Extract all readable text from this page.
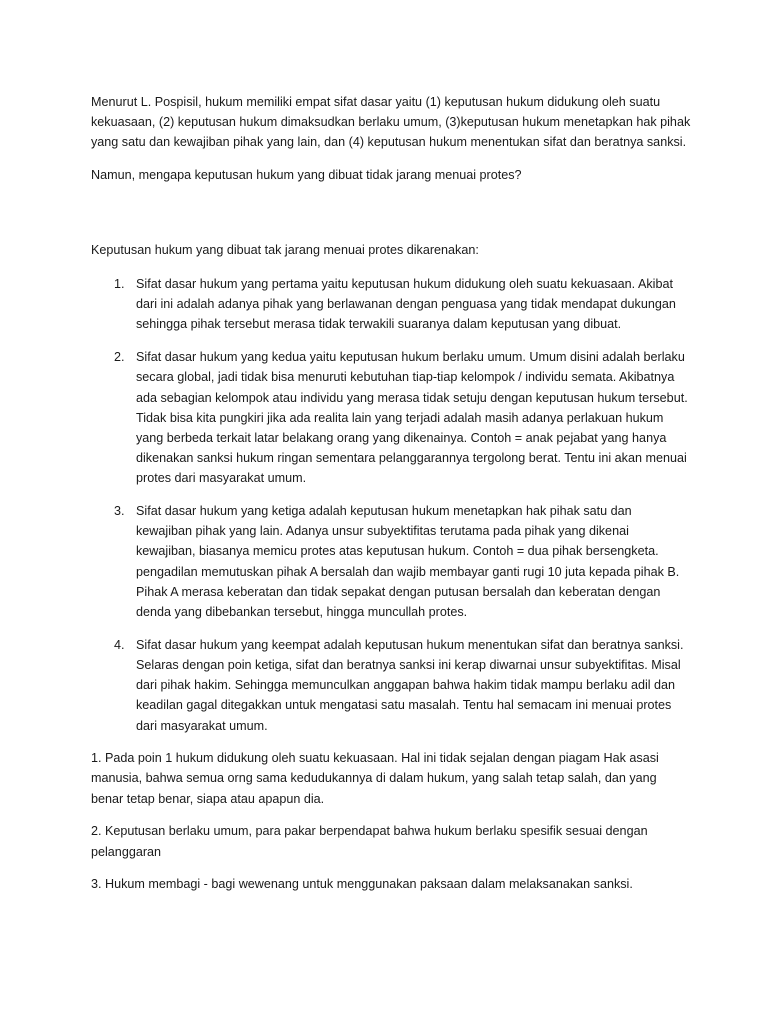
Menurut L. Pospisil, hukum memiliki empat sifat dasar yaitu (1) keputusan hukum didukung oleh suatu kekuasaan, (2) keputusan hukum dimaksudkan berlaku umum, (3)keputusan hukum menetapkan hak pihak yang satu dan kewajiban pihak yang lain, dan (4) keputusan hukum menentukan sifat dan beratnya sanksi.

Namun, mengapa keputusan hukum yang dibuat tidak jarang menuai protes?

Keputusan hukum yang dibuat tak jarang menuai protes dikarenakan:

1. Sifat dasar hukum yang pertama yaitu keputusan hukum didukung oleh suatu kekuasaan. Akibat dari ini adalah adanya pihak yang berlawanan dengan penguasa yang tidak mendapat dukungan sehingga pihak tersebut merasa tidak terwakili suaranya dalam keputusan yang dibuat.
2. Sifat dasar hukum yang kedua yaitu keputusan hukum berlaku umum. Umum disini adalah berlaku secara global, jadi tidak bisa menuruti kebutuhan tiap-tiap kelompok / individu semata. Akibatnya ada sebagian kelompok atau individu yang merasa tidak setuju dengan keputusan hukum tersebut. Tidak bisa kita pungkiri jika ada realita lain yang terjadi adalah masih adanya perlakuan hukum yang berbeda terkait latar belakang orang yang dikenainya. Contoh = anak pejabat yang hanya dikenakan sanksi hukum ringan sementara pelanggarannya tergolong berat. Tentu ini akan menuai protes dari masyarakat umum.
3. Sifat dasar hukum yang ketiga adalah keputusan hukum menetapkan hak pihak satu dan kewajiban pihak yang lain. Adanya unsur subyektifitas terutama pada pihak yang dikenai kewajiban, biasanya memicu protes atas keputusan hukum. Contoh = dua pihak bersengketa. pengadilan memutuskan pihak A bersalah dan wajib membayar ganti rugi 10 juta kepada pihak B. Pihak A merasa keberatan dan tidak sepakat dengan putusan bersalah dan keberatan dengan denda yang dibebankan tersebut, hingga muncullah protes.
4. Sifat dasar hukum yang keempat adalah keputusan hukum menentukan sifat dan beratnya sanksi. Selaras dengan poin ketiga, sifat dan beratnya sanksi ini kerap diwarnai unsur subyektifitas. Misal dari pihak hakim. Sehingga memunculkan anggapan bahwa hakim tidak mampu berlaku adil dan keadilan gagal ditegakkan untuk mengatasi satu masalah. Tentu hal semacam ini menuai protes dari masyarakat umum.

1. Pada poin 1 hukum didukung oleh suatu kekuasaan. Hal ini tidak sejalan dengan piagam Hak asasi manusia, bahwa semua orng sama kedudukannya di dalam hukum, yang salah tetap salah, dan yang benar tetap benar, siapa atau apapun dia.

2. Keputusan berlaku umum, para pakar berpendapat bahwa hukum berlaku spesifik sesuai dengan pelanggaran

3. Hukum membagi - bagi wewenang untuk menggunakan paksaan dalam melaksanakan sanksi.
